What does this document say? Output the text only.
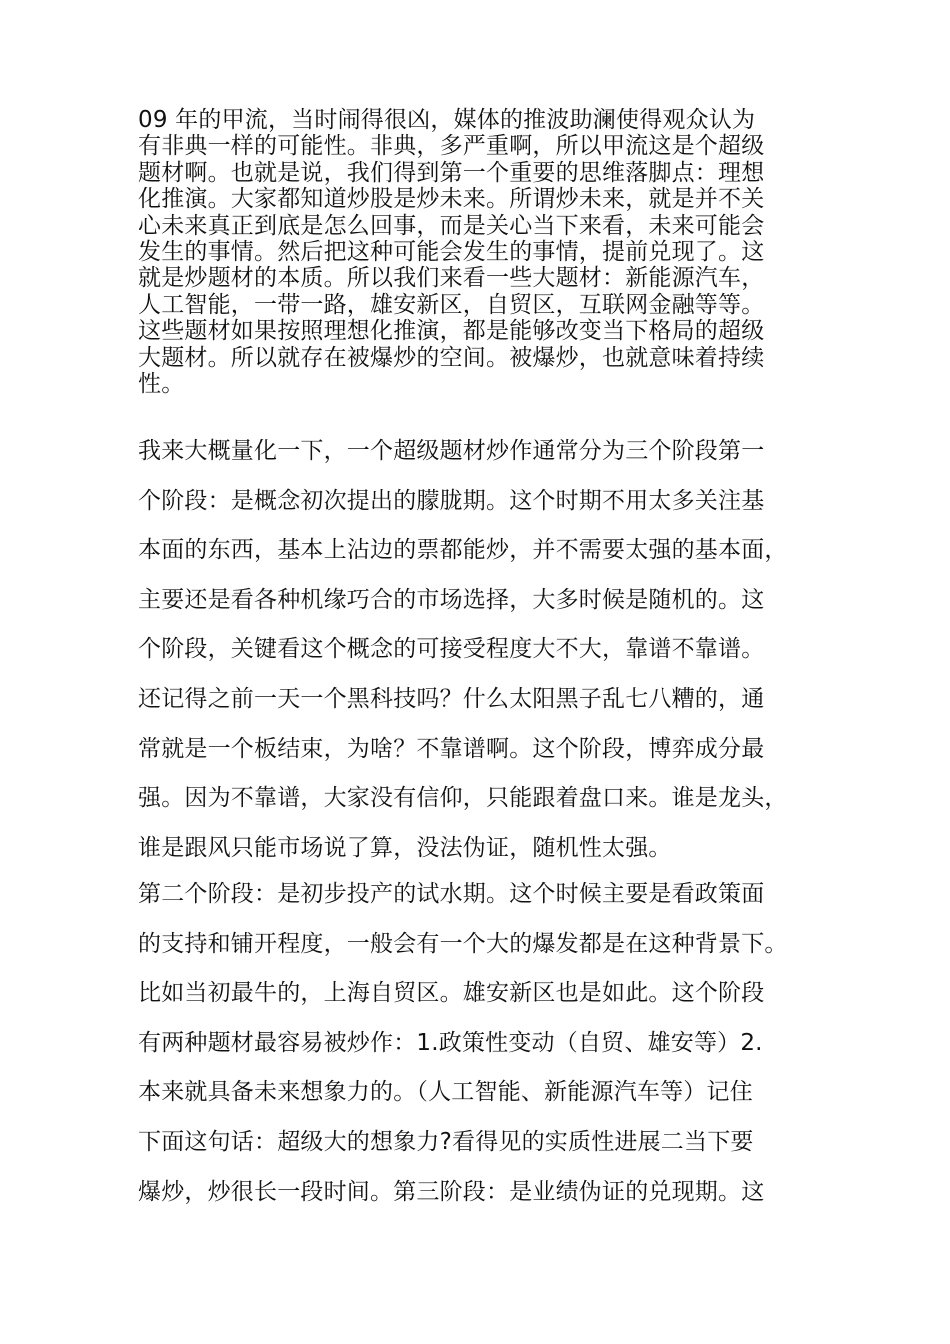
09 年的甲流，当时闹得很凶，媒体的推波助澜使得观众认为
有非典一样的可能性。非典，多严重啊，所以甲流这是个超级
题材啊。也就是说，我们得到第一个重要的思维落脚点：理想
化推演。大家都知道炒股是炒未来。所谓炒未来，就是并不关
心未来真正到底是怎么回事，而是关心当下来看，未来可能会
发生的事情。然后把这种可能会发生的事情，提前兑现了。这
就是炒题材的本质。所以我们来看一些大题材：新能源汽车，
人工智能，一带一路，雄安新区，自贸区，互联网金融等等。
这些题材如果按照理想化推演，都是能够改变当下格局的超级
大题材。所以就存在被爆炒的空间。被爆炒，也就意味着持续
性。
我来大概量化一下，一个超级题材炒作通常分为三个阶段第一
个阶段：是概念初次提出的朦胧期。这个时期不用太多关注基
本面的东西，基本上沾边的票都能炒，并不需要太强的基本面，
主要还是看各种机缘巧合的市场选择，大多时候是随机的。这
个阶段，关键看这个概念的可接受程度大不大，靠谱不靠谱。
还记得之前一天一个黑科技吗？什么太阳黑子乱七八糟的，通
常就是一个板结束，为啥？不靠谱啊。这个阶段，博弈成分最
强。因为不靠谱，大家没有信仰，只能跟着盘口来。谁是龙头，
谁是跟风只能市场说了算，没法伪证，随机性太强。
第二个阶段：是初步投产的试水期。这个时候主要是看政策面
的支持和铺开程度，一般会有一个大的爆发都是在这种背景下。
比如当初最牛的，上海自贸区。雄安新区也是如此。这个阶段
有两种题材最容易被炒作：1.政策性变动（自贸、雄安等）2.
本来就具备未来想象力的。（人工智能、新能源汽车等）记住
下面这句话：超级大的想象力?看得见的实质性进展二当下要
爆炒，炒很长一段时间。第三阶段：是业绩伪证的兑现期。这
